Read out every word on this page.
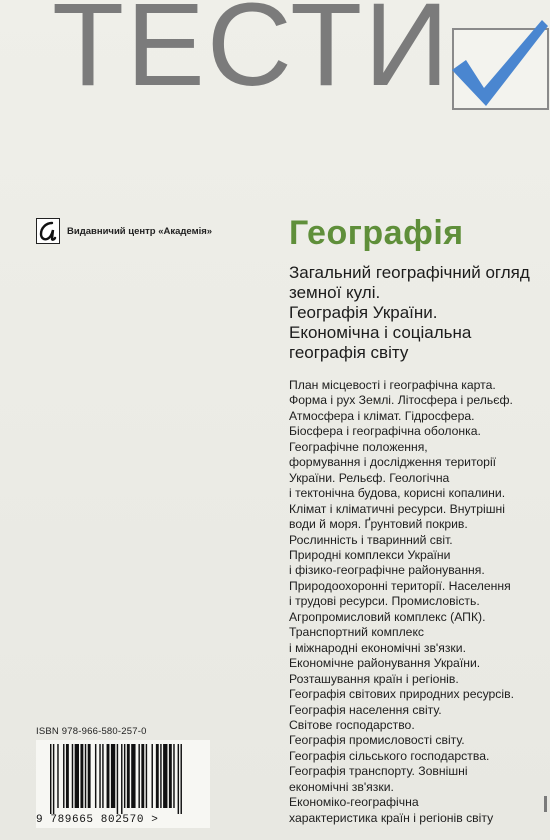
ТЕСТИ
Видавничий центр «Академія» Географія
Загальний географічний огляд
земної кулі.
Географія України.
Економічна і соціальна
географія світу
План місцевості і географічна карта.
Форма і рух Землі. Літосфера і рельєф.
Атмосфера і клімат. Гідросфера.
Біосфера і географічна оболонка.
Географічне положення,
формування і дослідження території
України. Рельєф. Геологічна
і тектонічна будова, корисні копалини.
Клімат і кліматичні ресурси. Внутрішні
води й моря. Ґрунтовий покрив.
Рослинність і тваринний світ.
Природні комплекси України
і фізико-географічне районування.
Природоохоронні території. Населення
і трудові ресурси. Промисловість.
Агропромисловий комплекс (АПК).
Транспортний комплекс
і міжнародні економічні зв'язки.
Економічне районування України.
Розташування країн і регіонів.
Географія світових природних ресурсів.
Географія населення світу.
Світове господарство.
Географія промисловості світу.
Географія сільського господарства.
Географія транспорту. Зовнішні
економічні зв'язки.
Економіко-географічна
характеристика країн і регіонів світу
ISBN 978-966-580-257-0
9 789665 802570 >
